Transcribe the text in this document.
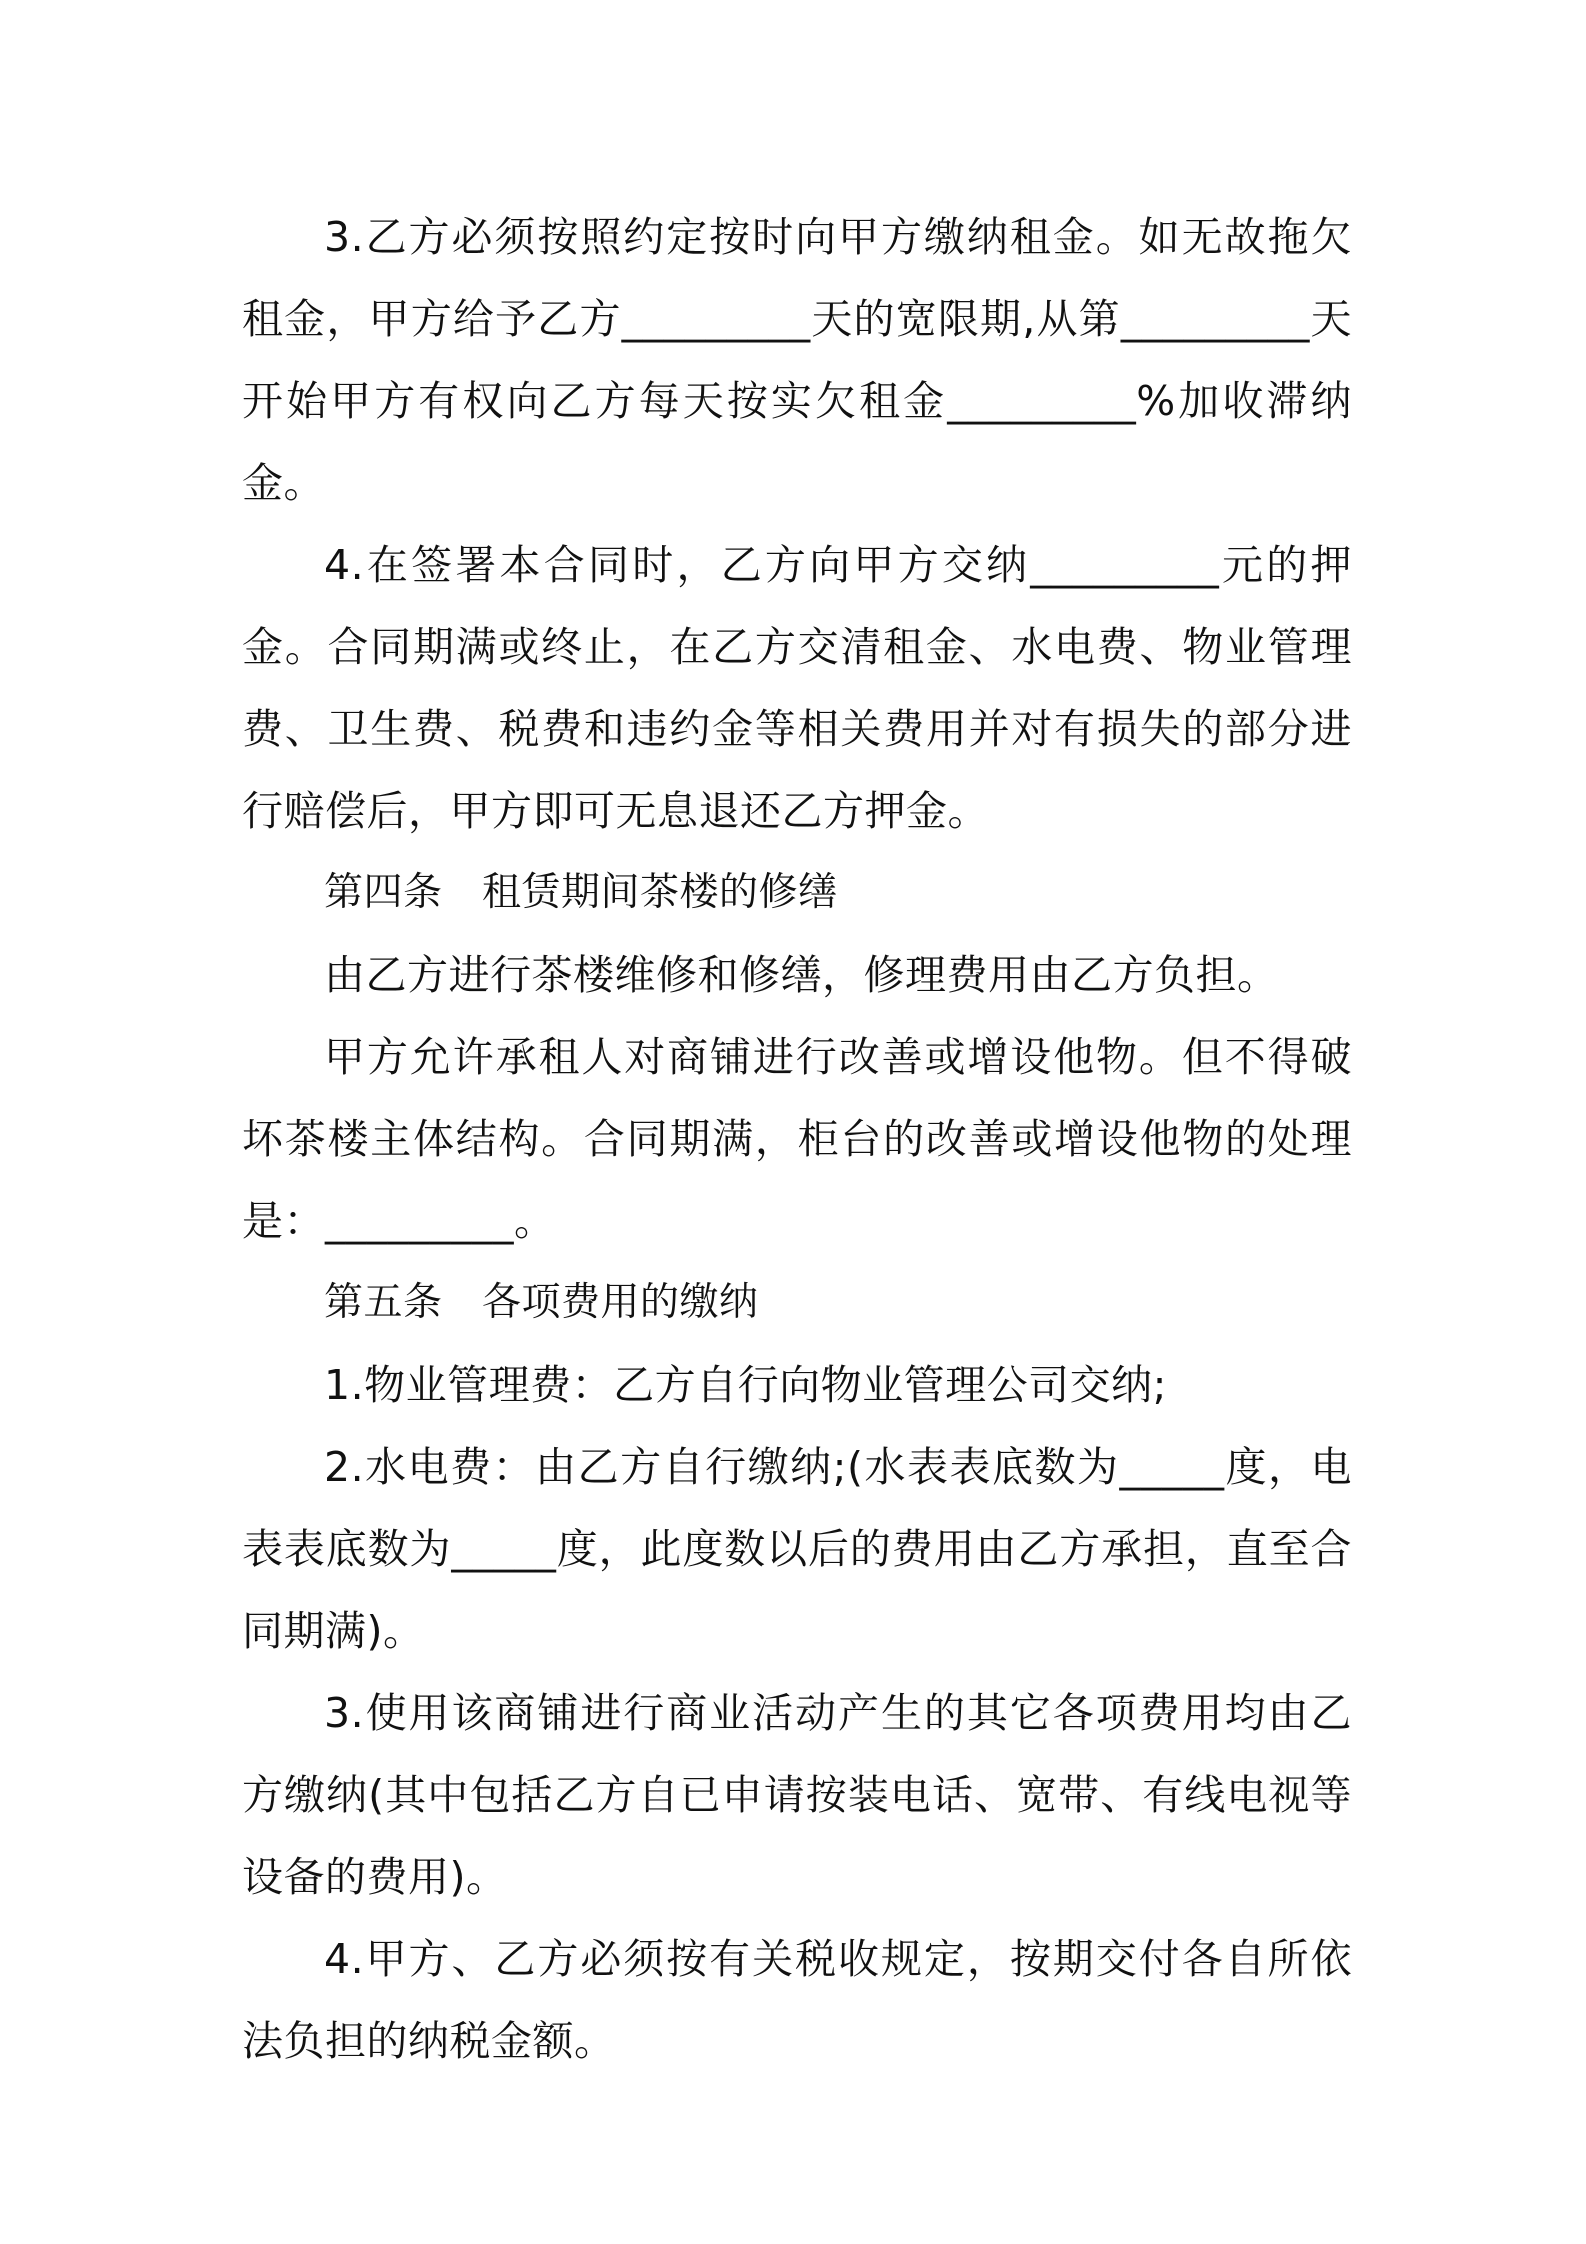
3.乙方必须按照约定按时向甲方缴纳租金。如无故拖欠租金，甲方给予乙方_________天的宽限期,从第_________天开始甲方有权向乙方每天按实欠租金_________%加收滞纳金。

4.在签署本合同时，乙方向甲方交纳_________元的押金。合同期满或终止，在乙方交清租金、水电费、物业管理费、卫生费、税费和违约金等相关费用并对有损失的部分进行赔偿后，甲方即可无息退还乙方押金。

第四条　租赁期间茶楼的修缮

由乙方进行茶楼维修和修缮，修理费用由乙方负担。

甲方允许承租人对商铺进行改善或增设他物。但不得破坏茶楼主体结构。合同期满，柜台的改善或增设他物的处理是：_________。

第五条　各项费用的缴纳

1.物业管理费：乙方自行向物业管理公司交纳;

2.水电费：由乙方自行缴纳;(水表表底数为_____度，电表表底数为_____度，此度数以后的费用由乙方承担，直至合同期满)。

3.使用该商铺进行商业活动产生的其它各项费用均由乙方缴纳(其中包括乙方自已申请按装电话、宽带、有线电视等设备的费用)。

4.甲方、乙方必须按有关税收规定，按期交付各自所依法负担的纳税金额。
